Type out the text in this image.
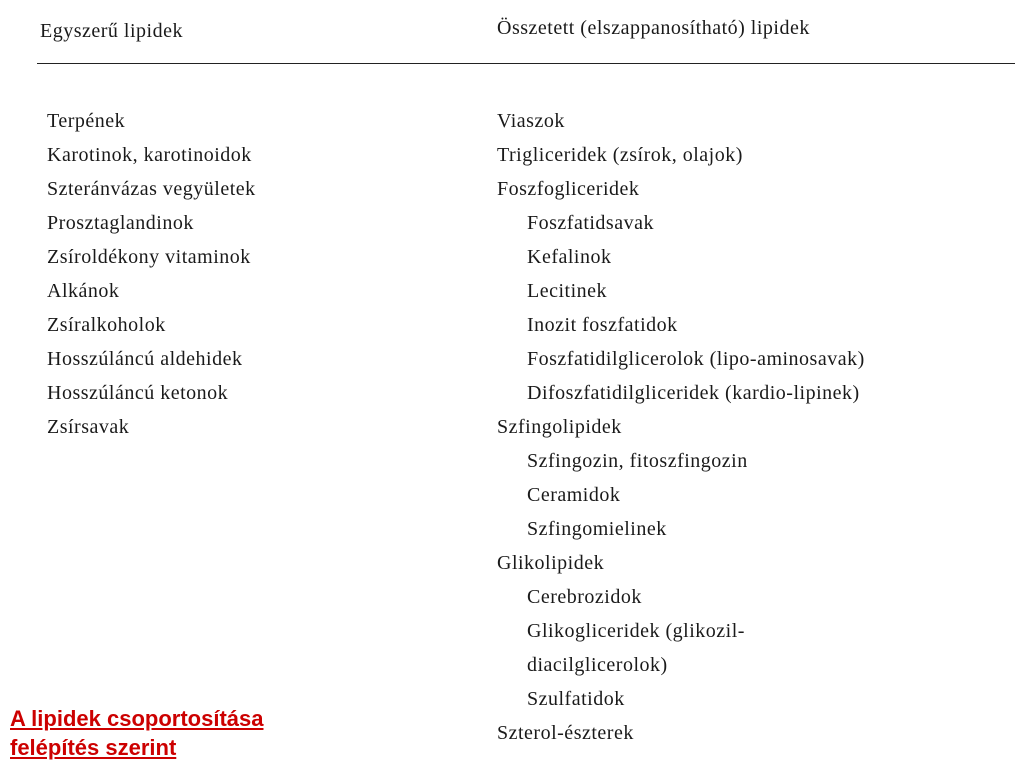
Egyszerű lipidek	Összetett (elszappanosítható) lipidek
Terpének
Karotinok, karotinoidok
Szteránvázas vegyületek
Prosztaglandinok
Zsíroldékony vitaminok
Alkánok
Zsíralkoholok
Hosszúláncú aldehidek
Hosszúláncú ketonok
Zsírsavak
Viaszok
Trigliceridek (zsírok, olajok)
Foszfogliceridek
Foszfatidsavak
Kefalinok
Lecitinek
Inozit foszfatidok
Foszfatidilglicerolok (lipo-aminosavak)
Difoszfatidilgliceridek (kardio-lipinek)
Szfingolipidek
Szfingozin, fitoszfingozin
Ceramidok
Szfingomielinek
Glikolipidek
Cerebrozidok
Glikogliceridek (glikozil-
diacilglicerolok)
Szulfatidok
Szterol-észterek
A lipidek csoportosítása
felépítés szerint
